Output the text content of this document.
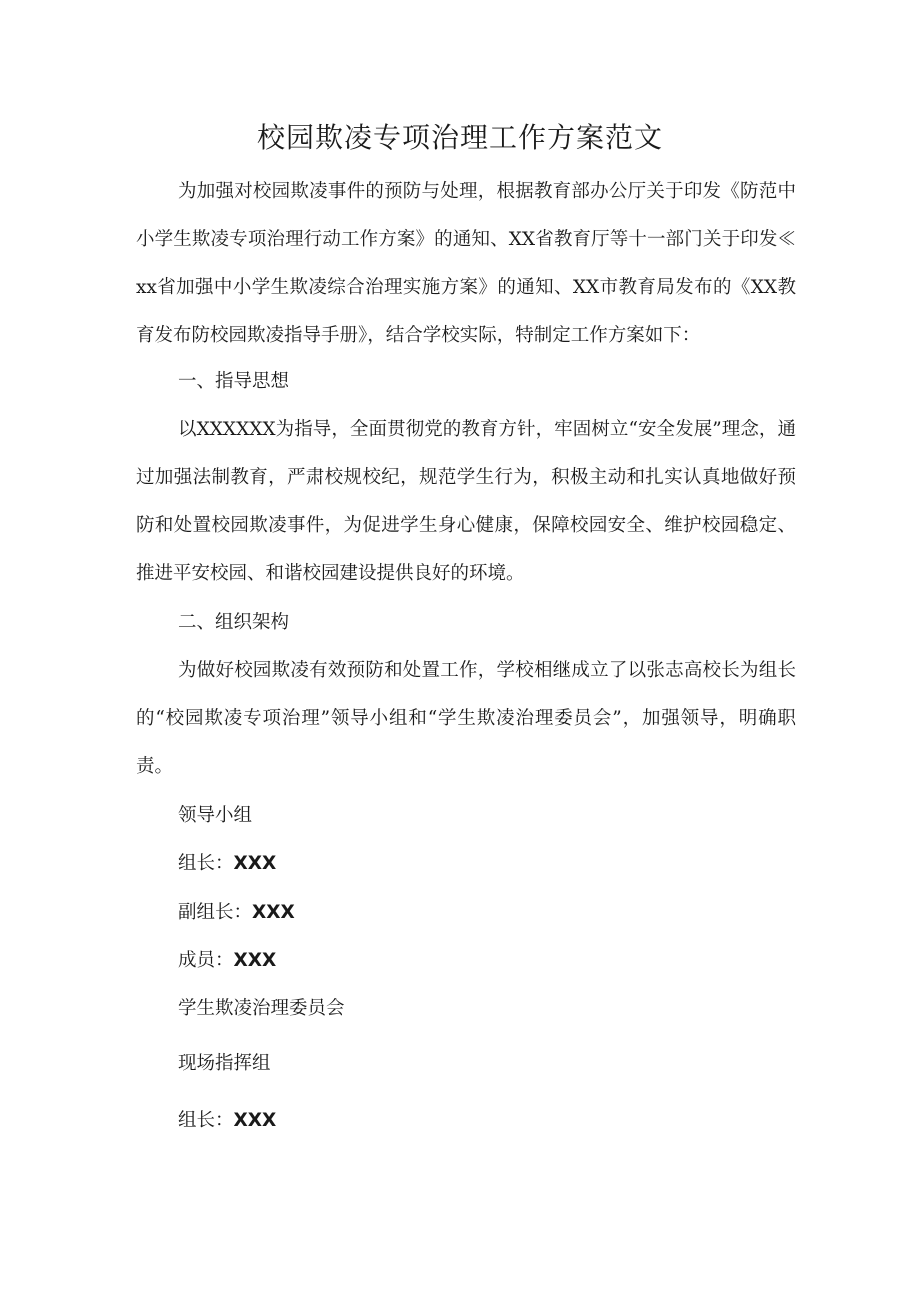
校园欺凌专项治理工作方案范文

为加强对校园欺凌事件的预防与处理，根据教育部办公厅关于印发《防范中小学生欺凌专项治理行动工作方案》的通知、XX省教育厅等十一部门关于印发≪xx省加强中小学生欺凌综合治理实施方案》的通知、XX市教育局发布的《XX教育发布防校园欺凌指导手册》，结合学校实际，特制定工作方案如下：

一、指导思想

以XXXXXX为指导，全面贯彻党的教育方针，牢固树立“安全发展”理念，通过加强法制教育，严肃校规校纪，规范学生行为，积极主动和扎实认真地做好预防和处置校园欺凌事件，为促进学生身心健康，保障校园安全、维护校园稳定、推进平安校园、和谐校园建设提供良好的环境。

二、组织架构

为做好校园欺凌有效预防和处置工作，学校相继成立了以张志高校长为组长的“校园欺凌专项治理”领导小组和“学生欺凌治理委员会”，加强领导，明确职责。

领导小组

组长：XXX

副组长：XXX

成员：XXX

学生欺凌治理委员会

现场指挥组

组长：XXX
